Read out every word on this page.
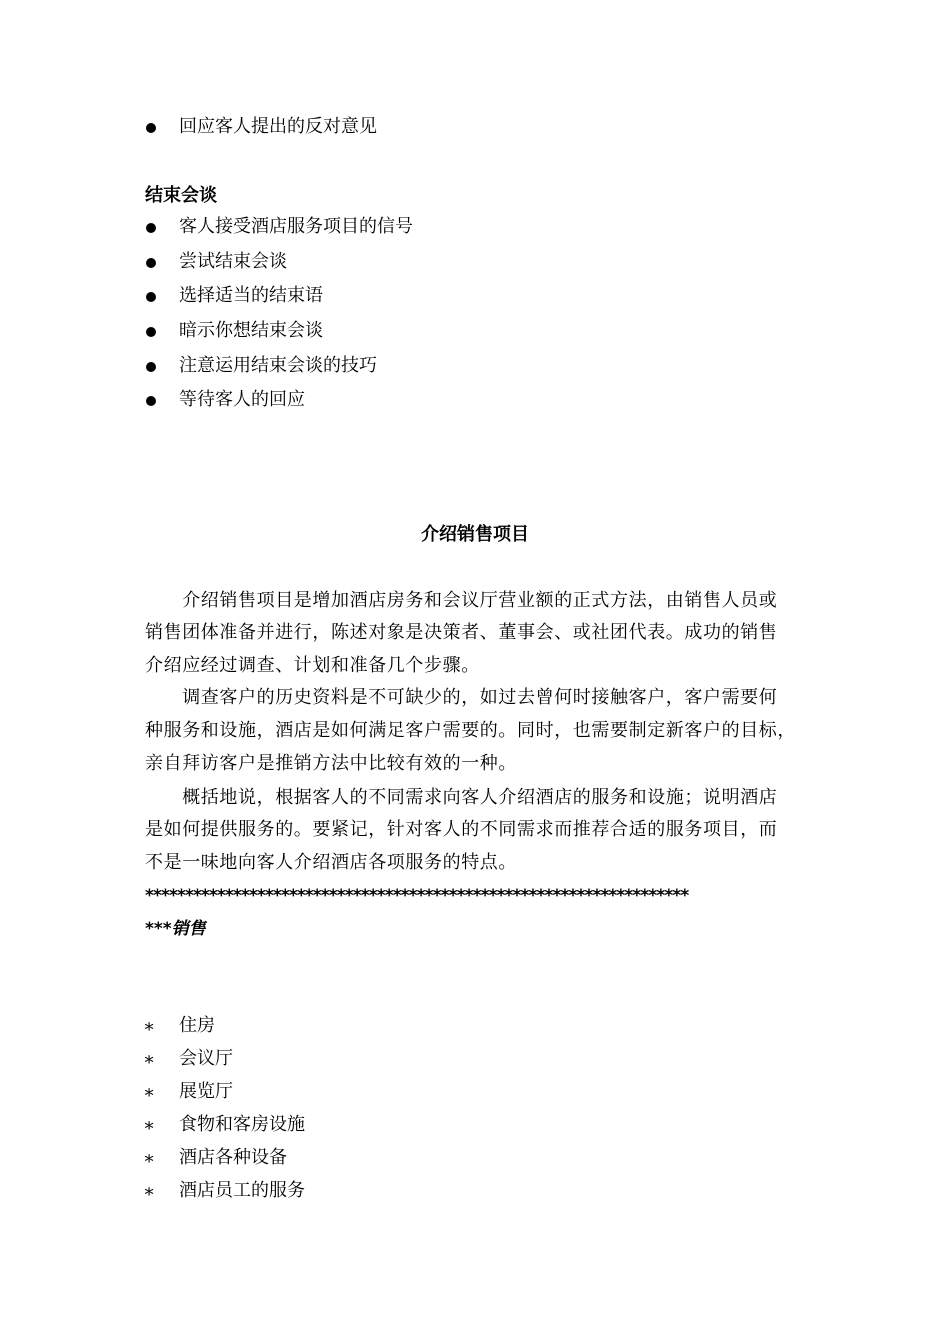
回应客人提出的反对意见
结束会谈
客人接受酒店服务项目的信号
尝试结束会谈
选择适当的结束语
暗示你想结束会谈
注意运用结束会谈的技巧
等待客人的回应
介绍销售项目
　　介绍销售项目是增加酒店房务和会议厅营业额的正式方法，由销售人员或
销售团体准备并进行，陈述对象是决策者、董事会、或社团代表。成功的销售
介绍应经过调查、计划和准备几个步骤。
　　调查客户的历史资料是不可缺少的，如过去曾何时接触客户，客户需要何
种服务和设施，酒店是如何满足客户需要的。同时，也需要制定新客户的目标，
亲自拜访客户是推销方法中比较有效的一种。
　　概括地说，根据客人的不同需求向客人介绍酒店的服务和设施；说明酒店
是如何提供服务的。要紧记，针对客人的不同需求而推荐合适的服务项目，而
不是一味地向客人介绍酒店各项服务的特点。
********************************************************************
***销售
∗ 住房
∗ 会议厅
∗ 展览厅
∗ 食物和客房设施
∗ 酒店各种设备
∗ 酒店员工的服务
